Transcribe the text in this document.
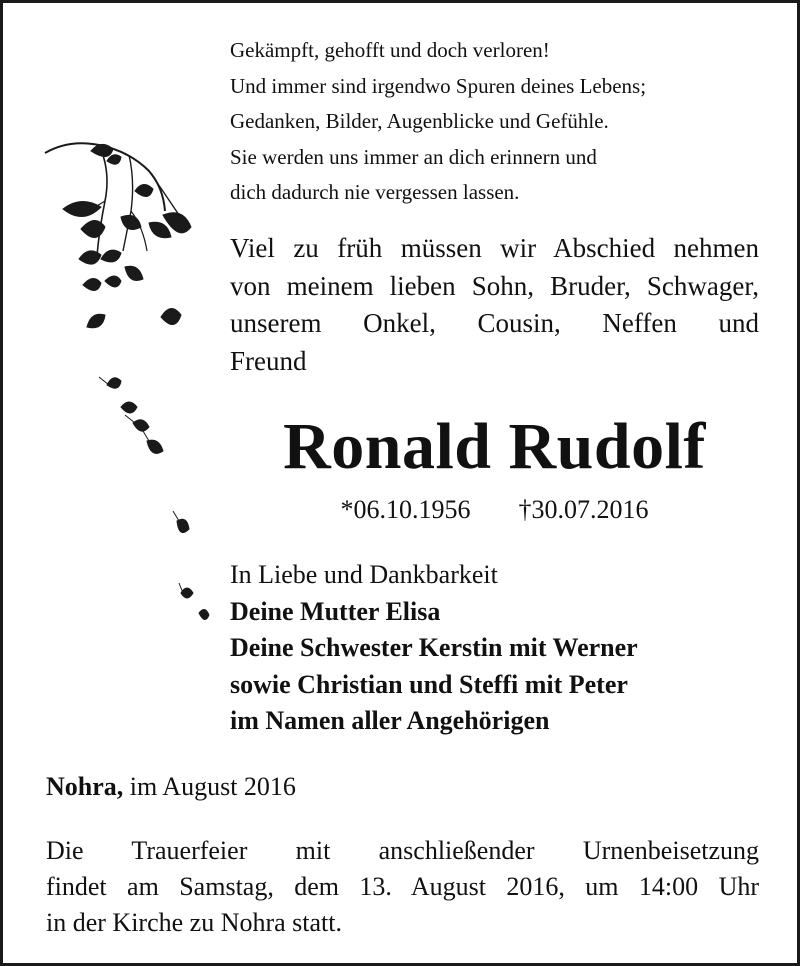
Gekämpft, gehofft und doch verloren!
Und immer sind irgendwo Spuren deines Lebens;
Gedanken, Bilder, Augenblicke und Gefühle.
Sie werden uns immer an dich erinnern und
dich dadurch nie vergessen lassen.
Viel zu früh müssen wir Abschied nehmen
von meinem lieben Sohn, Bruder, Schwager,
unserem Onkel, Cousin, Neffen und
Freund
Ronald Rudolf
*06.10.1956 †30.07.2016
In Liebe und Dankbarkeit
Deine Mutter Elisa
Deine Schwester Kerstin mit Werner
sowie Christian und Steffi mit Peter
im Namen aller Angehörigen
Nohra, im August 2016
Die Trauerfeier mit anschließender Urnenbeisetzung
findet am Samstag, dem 13. August 2016, um 14:00 Uhr
in der Kirche zu Nohra statt.
